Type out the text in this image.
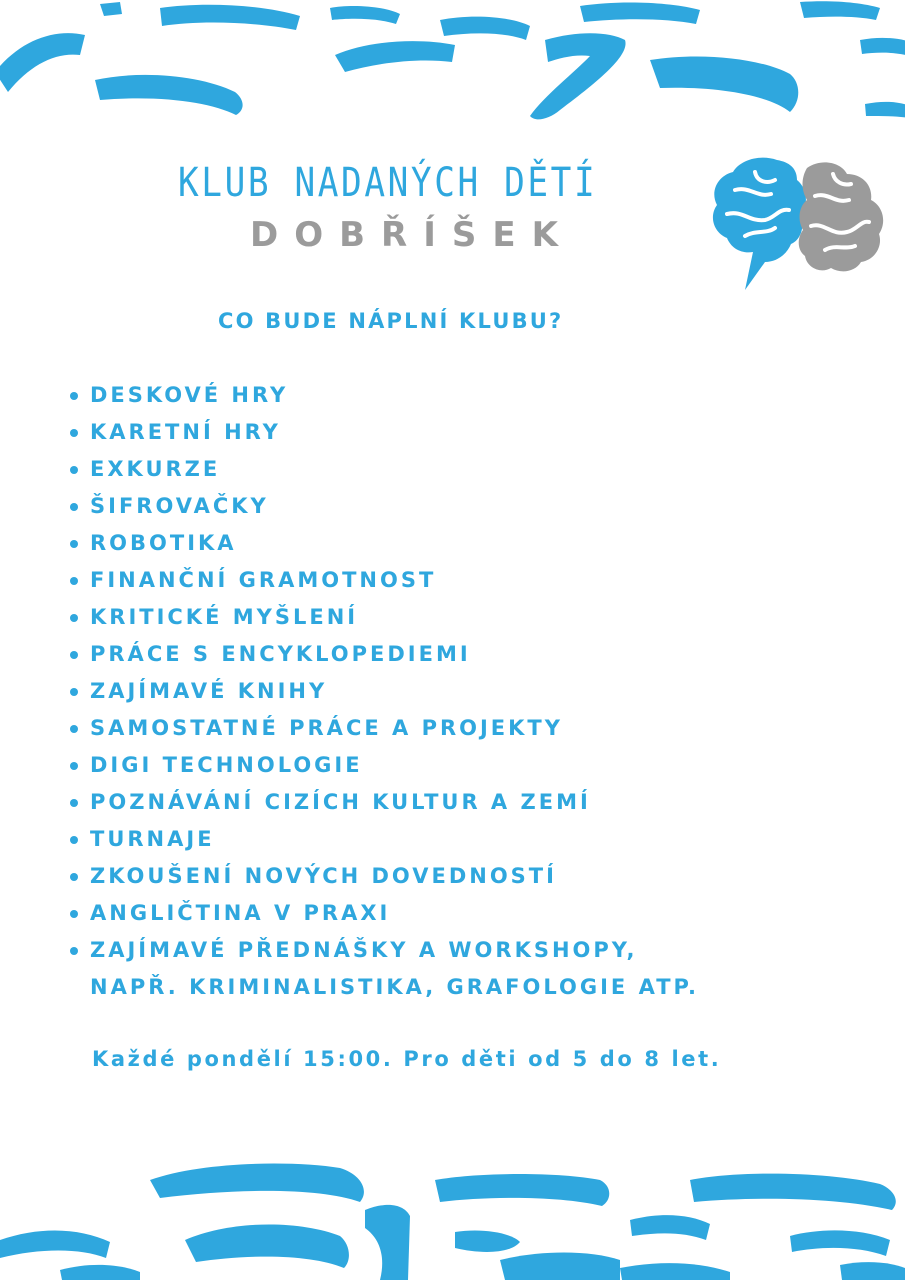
KLUB NADANÝCH DĚTÍ
DOBŘÍŠEK
CO BUDE NÁPLNÍ KLUBU?
DESKOVÉ HRY
KARETNÍ HRY
EXKURZE
ŠIFROVAČKY
ROBOTIKA
FINANČNÍ GRAMOTNOST
KRITICKÉ MYŠLENÍ
PRÁCE S ENCYKLOPEDIEMI
ZAJÍMAVÉ KNIHY
SAMOSTATNÉ PRÁCE A PROJEKTY
DIGI TECHNOLOGIE
POZNÁVÁNÍ CIZÍCH KULTUR A ZEMÍ
TURNAJE
ZKOUŠENÍ NOVÝCH DOVEDNOSTÍ
ANGLIČTINA V PRAXI
ZAJÍMAVÉ PŘEDNÁŠKY A WORKSHOPY,
NAPŘ. KRIMINALISTIKA, GRAFOLOGIE ATP.
Každé pondělí 15:00. Pro děti od 5 do 8 let.
